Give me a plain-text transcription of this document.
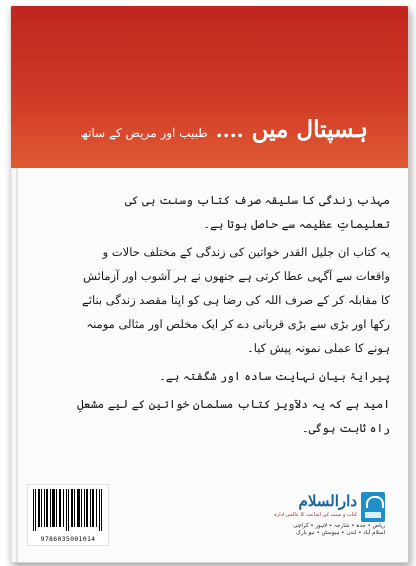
ہسپتال میں
....
طبیب اور مریض کے ساتھ

مہذب زندگی کا سلیقہ صرف کتاب وسنت ہی کی تعلیماتِ عظیمہ سے حاصل ہوتا ہے۔

یہ کتاب ان جلیل القدر خواتین کی زندگی کے مختلف حالات و واقعات سے آگہی عطا کرتی ہے جنھوں نے ہر آشوب اور آزمائش کا مقابلہ کر کے صرف اللہ کی رضا ہی کو اپنا مقصد زندگی بنائے رکھا اور بڑی سے بڑی قربانی دے کر ایک مخلص اور مثالی مومنہ ہونے کا عملی نمونہ پیش کیا۔

پیرایۂ بیان نہایت سادہ اور شگفتہ ہے۔

امید ہے کہ یہ دلآویز کتاب مسلمان خواتین کے لیے مشعلِ راہ ثابت ہوگی۔

9786035001014
دارالسلام
کتاب و سنت کی اشاعت کا عالمی ادارہ
ریاض • جدہ • شارجہ • لاہور • کراچی
اسلام آباد • لندن • ہیوسٹن • نیو یارک
